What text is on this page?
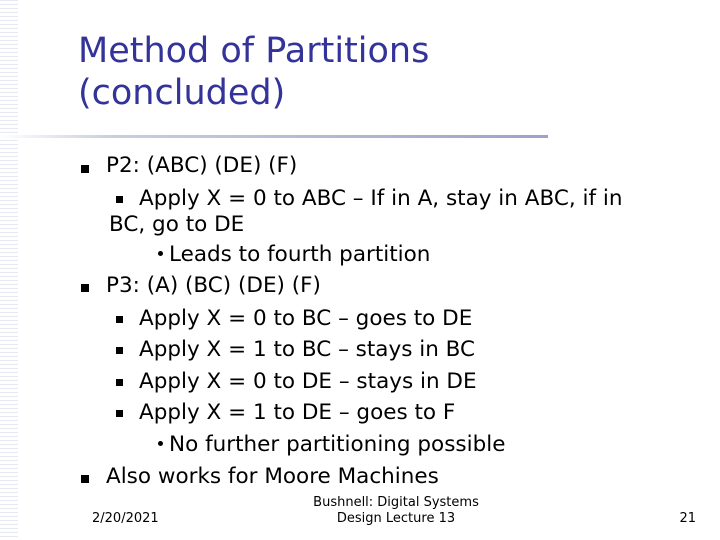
Method of Partitions
(concluded)
P2: (ABC) (DE) (F)
Apply X = 0 to ABC – If in A, stay in ABC, if in
BC, go to DE
Leads to fourth partition
P3: (A) (BC) (DE) (F)
Apply X = 0 to BC – goes to DE
Apply X = 1 to BC – stays in BC
Apply X = 0 to DE – stays in DE
Apply X = 1 to DE – goes to F
No further partitioning possible
Also works for Moore Machines
2/20/2021
Bushnell: Digital Systems
Design Lecture 13	21
